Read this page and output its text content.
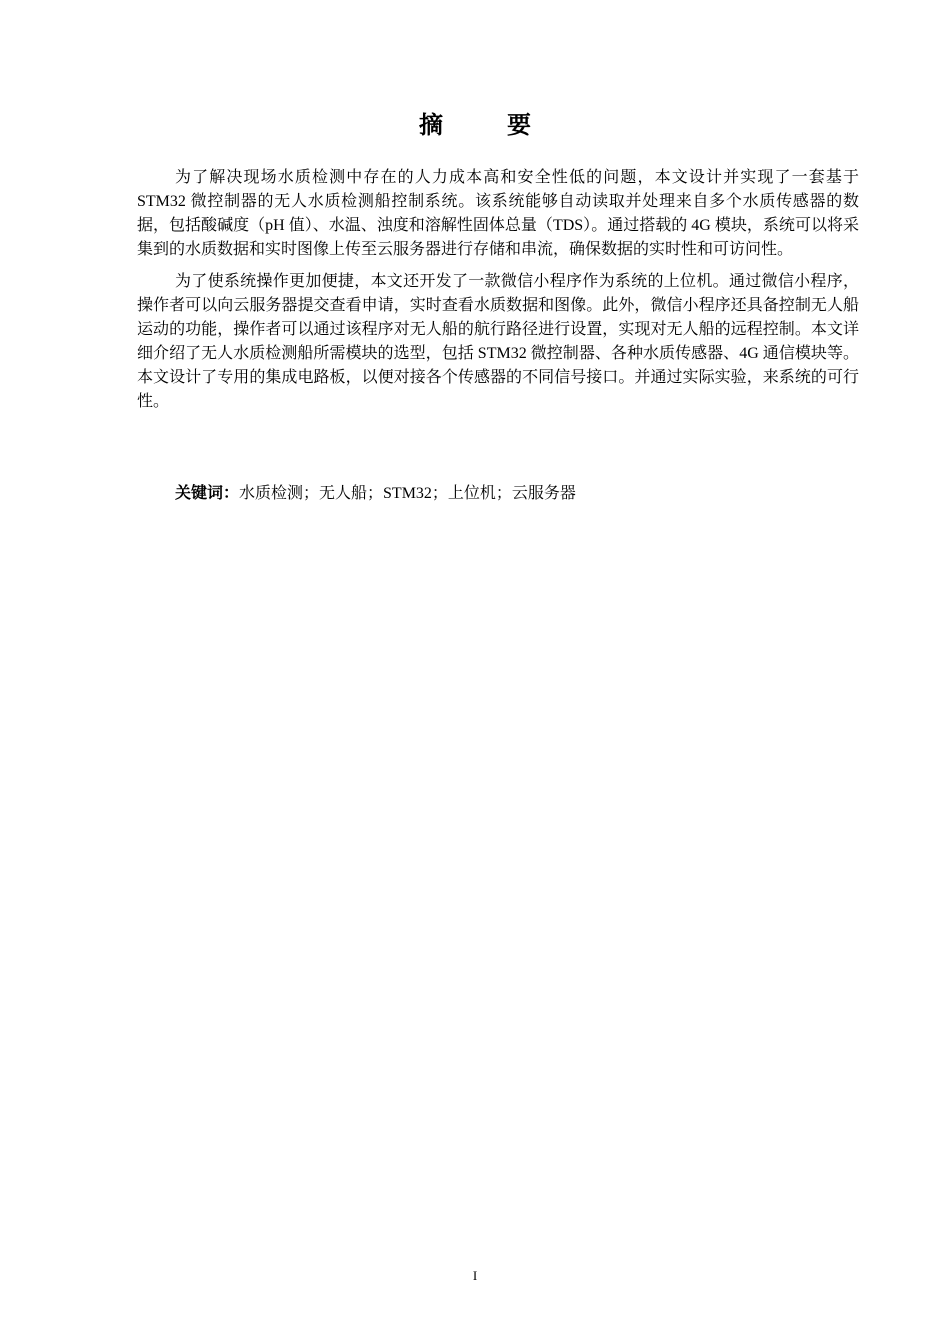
摘　要

为了解决现场水质检测中存在的人力成本高和安全性低的问题，本文设计并实现了一套基于 STM32 微控制器的无人水质检测船控制系统。该系统能够自动读取并处理来自多个水质传感器的数据，包括酸碱度（pH 值）、水温、浊度和溶解性固体总量（TDS）。通过搭载的 4G 模块，系统可以将采集到的水质数据和实时图像上传至云服务器进行存储和串流，确保数据的实时性和可访问性。

为了使系统操作更加便捷，本文还开发了一款微信小程序作为系统的上位机。通过微信小程序，操作者可以向云服务器提交查看申请，实时查看水质数据和图像。此外，微信小程序还具备控制无人船运动的功能，操作者可以通过该程序对无人船的航行路径进行设置，实现对无人船的远程控制。本文详细介绍了无人水质检测船所需模块的选型，包括 STM32 微控制器、各种水质传感器、4G 通信模块等。本文设计了专用的集成电路板，以便对接各个传感器的不同信号接口。并通过实际实验，来系统的可行性。

关键词：水质检测；无人船；STM32；上位机；云服务器
I
